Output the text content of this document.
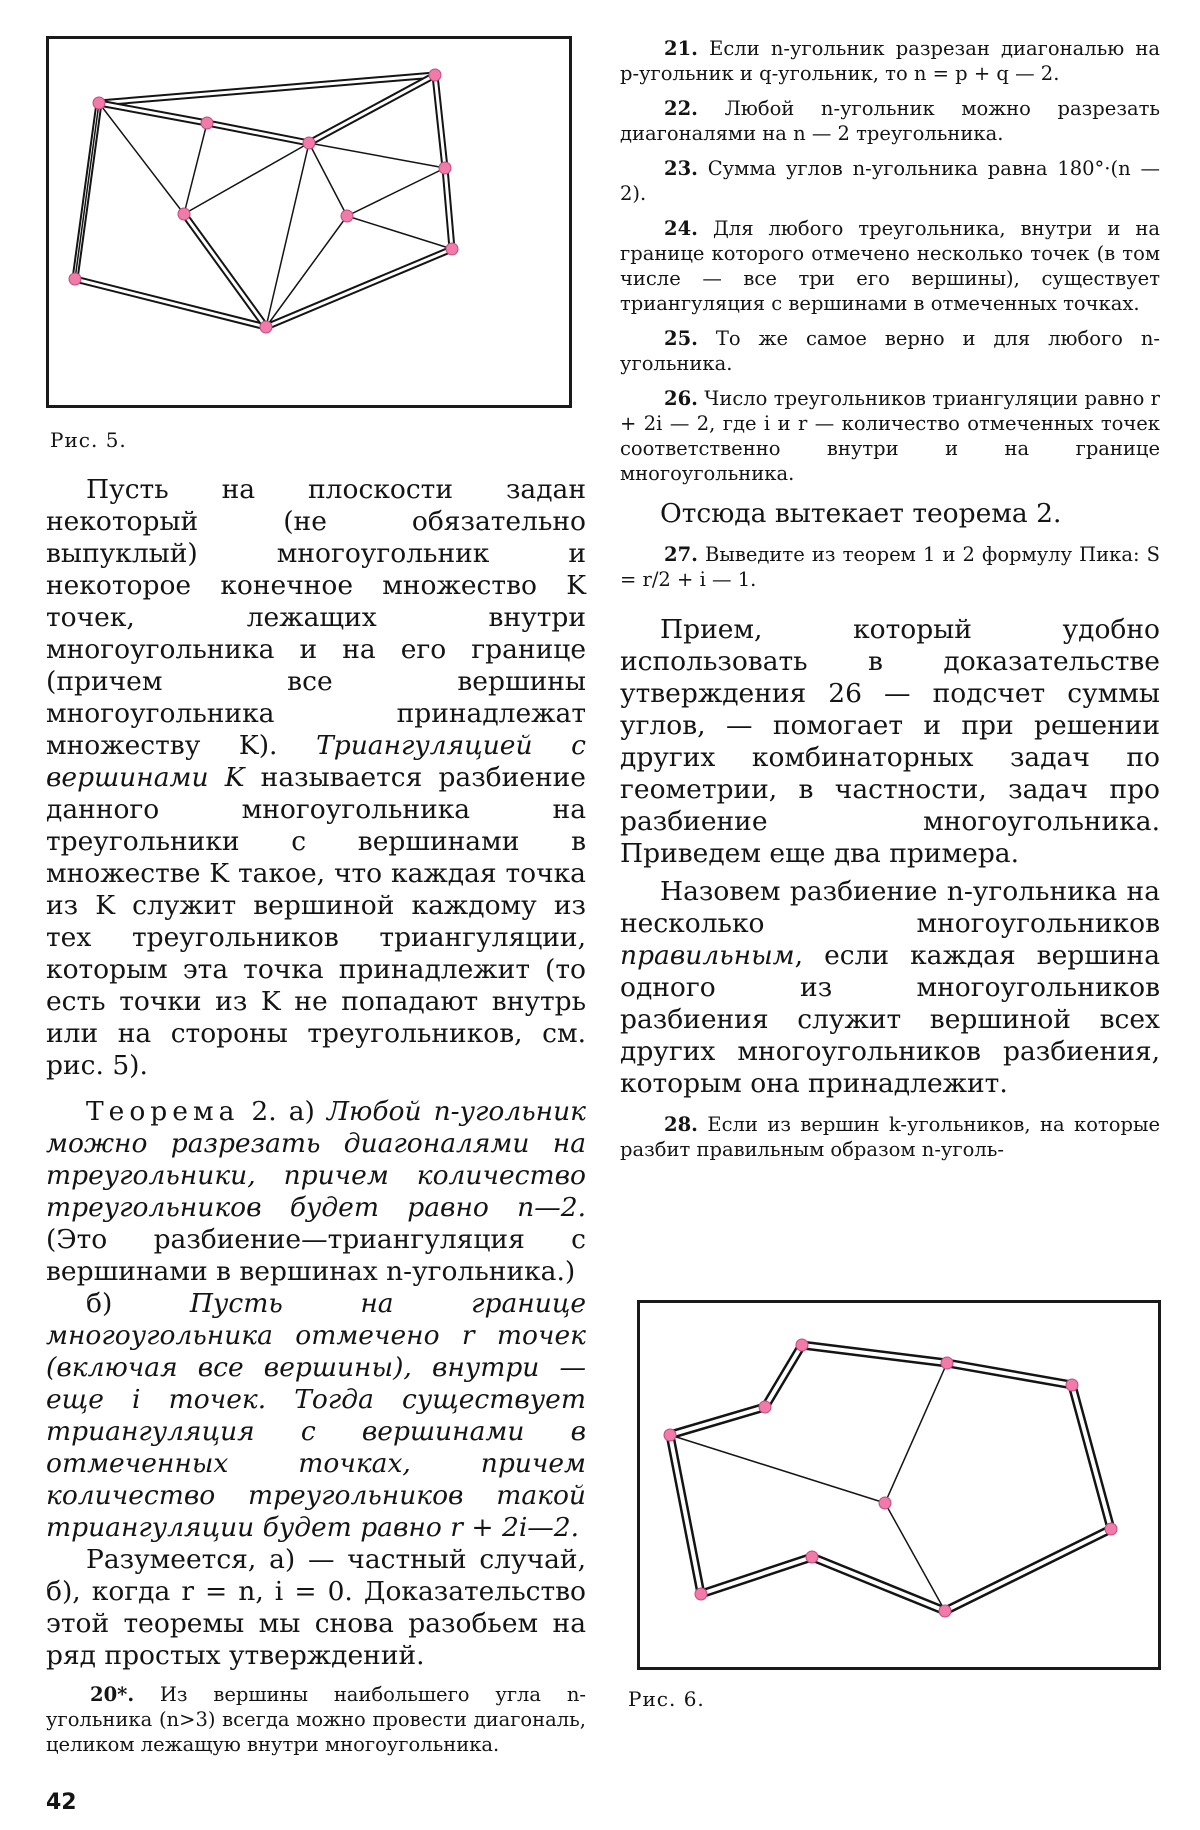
Рис. 5.

Пусть на плоскости задан некоторый (не обязательно выпуклый) многоугольник и некоторое конечное множество K точек, лежащих внутри многоугольника и на его границе (причем все вершины многоугольника принадлежат множеству K). Триангуляцией с вершинами K называется разбиение данного многоугольника на треугольники с вершинами в множестве K такое, что каждая точка из K служит вершиной каждому из тех треугольников триангуляции, которым эта точка принадлежит (то есть точки из K не попадают внутрь или на стороны треугольников, см. рис. 5).

Теорема 2. а) Любой n-угольник можно разрезать диагоналями на треугольники, причем количество треугольников будет равно n—2. (Это разбиение—триангуляция с вершинами в вершинах n-угольника.)

б) Пусть на границе многоугольника отмечено r точек (включая все вершины), внутри — еще i точек. Тогда существует триангуляция с вершинами в отмеченных точках, причем количество треугольников такой триангуляции будет равно r + 2i—2.

Разумеется, а) — частный случай, б), когда r = n, i = 0. Доказательство этой теоремы мы снова разобьем на ряд простых утверждений.

20*. Из вершины наибольшего угла n-угольника (n>3) всегда можно провести диагональ, целиком лежащую внутри многоугольника.

21. Если n-угольник разрезан диагональю на p-угольник и q-угольник, то n = p + q — 2.

22. Любой n-угольник можно разрезать диагоналями на n — 2 треугольника.

23. Сумма углов n-угольника равна 180°·(n — 2).

24. Для любого треугольника, внутри и на границе которого отмечено несколько точек (в том числе — все три его вершины), существует триангуляция с вершинами в отмеченных точках.

25. То же самое верно и для любого n-угольника.

26. Число треугольников триангуляции равно r + 2i — 2, где i и r — количество отмеченных точек соответственно внутри и на границе многоугольника.

Отсюда вытекает теорема 2.

27. Выведите из теорем 1 и 2 формулу Пика: S = r/2 + i — 1.

Прием, который удобно использовать в доказательстве утверждения 26 — подсчет суммы углов, — помогает и при решении других комбинаторных задач по геометрии, в частности, задач про разбиение многоугольника. Приведем еще два примера.

Назовем разбиение n-угольника на несколько многоугольников правильным, если каждая вершина одного из многоугольников разбиения служит вершиной всех других многоугольников разбиения, которым она принадлежит.

28. Если из вершин k-угольников, на которые разбит правильным образом n-уголь-

Рис. 6.
42
